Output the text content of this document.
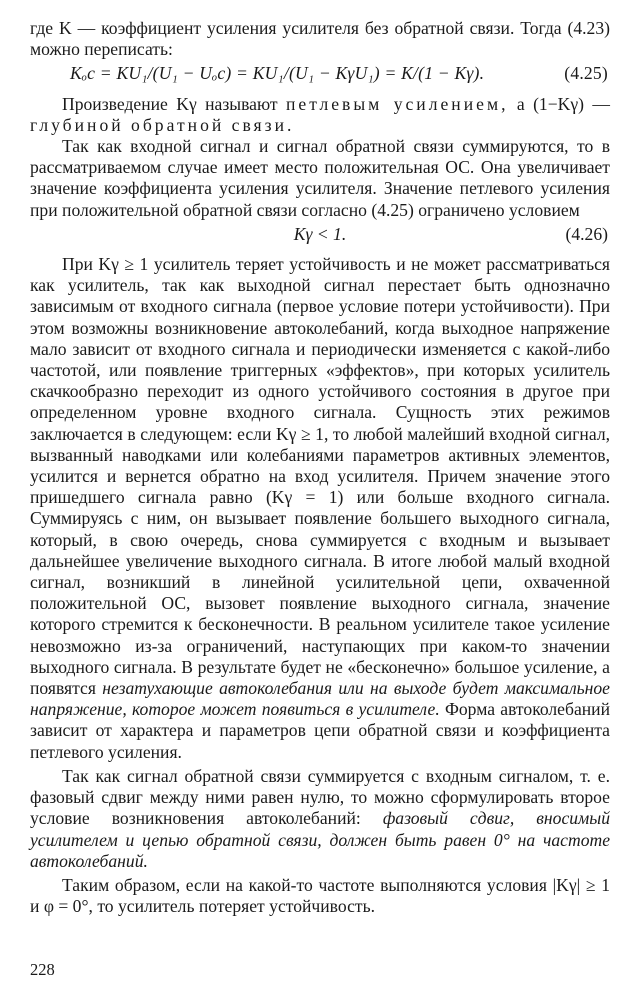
где K — коэффициент усиления усилителя без обратной связи. Тогда (4.23) можно переписать:

Kₒс = KU₁/(U₁ − Uₒс) = KU₁/(U₁ − KγU₁) = K/(1 − Kγ).	(4.25)

Произведение Kγ называют петлевым усилением, а (1−Kγ) — глубиной обратной связи.

Так как входной сигнал и сигнал обратной связи суммируются, то в рассматриваемом случае имеет место положительная ОС. Она увеличивает значение коэффициента усиления усилителя. Значение петлевого усиления при положительной обратной связи согласно (4.25) ограничено условием

Kγ < 1.	(4.26)

При Kγ ≥ 1 усилитель теряет устойчивость и не может рассматриваться как усилитель, так как выходной сигнал перестает быть однозначно зависимым от входного сигнала (первое условие потери устойчивости). При этом возможны возникновение автоколебаний, когда выходное напряжение мало зависит от входного сигнала и периодически изменяется с какой-либо частотой, или появление триггерных «эффектов», при которых усилитель скачкообразно переходит из одного устойчивого состояния в другое при определенном уровне входного сигнала. Сущность этих режимов заключается в следующем: если Kγ ≥ 1, то любой малейший входной сигнал, вызванный наводками или колебаниями параметров активных элементов, усилится и вернется обратно на вход усилителя. Причем значение этого пришедшего сигнала равно (Kγ = 1) или больше входного сигнала. Суммируясь с ним, он вызывает появление большего выходного сигнала, который, в свою очередь, снова суммируется с входным и вызывает дальнейшее увеличение выходного сигнала. В итоге любой малый входной сигнал, возникший в линейной усилительной цепи, охваченной положительной ОС, вызовет появление выходного сигнала, значение которого стремится к бесконечности. В реальном усилителе такое усиление невозможно из-за ограничений, наступающих при каком-то значении выходного сигнала. В результате будет не «бесконечно» большое усиление, а появятся незатухающие автоколебания или на выходе будет максимальное напряжение, которое может появиться в усилителе. Форма автоколебаний зависит от характера и параметров цепи обратной связи и коэффициента петлевого усиления.

Так как сигнал обратной связи суммируется с входным сигналом, т. е. фазовый сдвиг между ними равен нулю, то можно сформулировать второе условие возникновения автоколебаний: фазовый сдвиг, вносимый усилителем и цепью обратной связи, должен быть равен 0° на частоте автоколебаний.

Таким образом, если на какой-то частоте выполняются условия |Kγ| ≥ 1 и φ = 0°, то усилитель потеряет устойчивость.

228
